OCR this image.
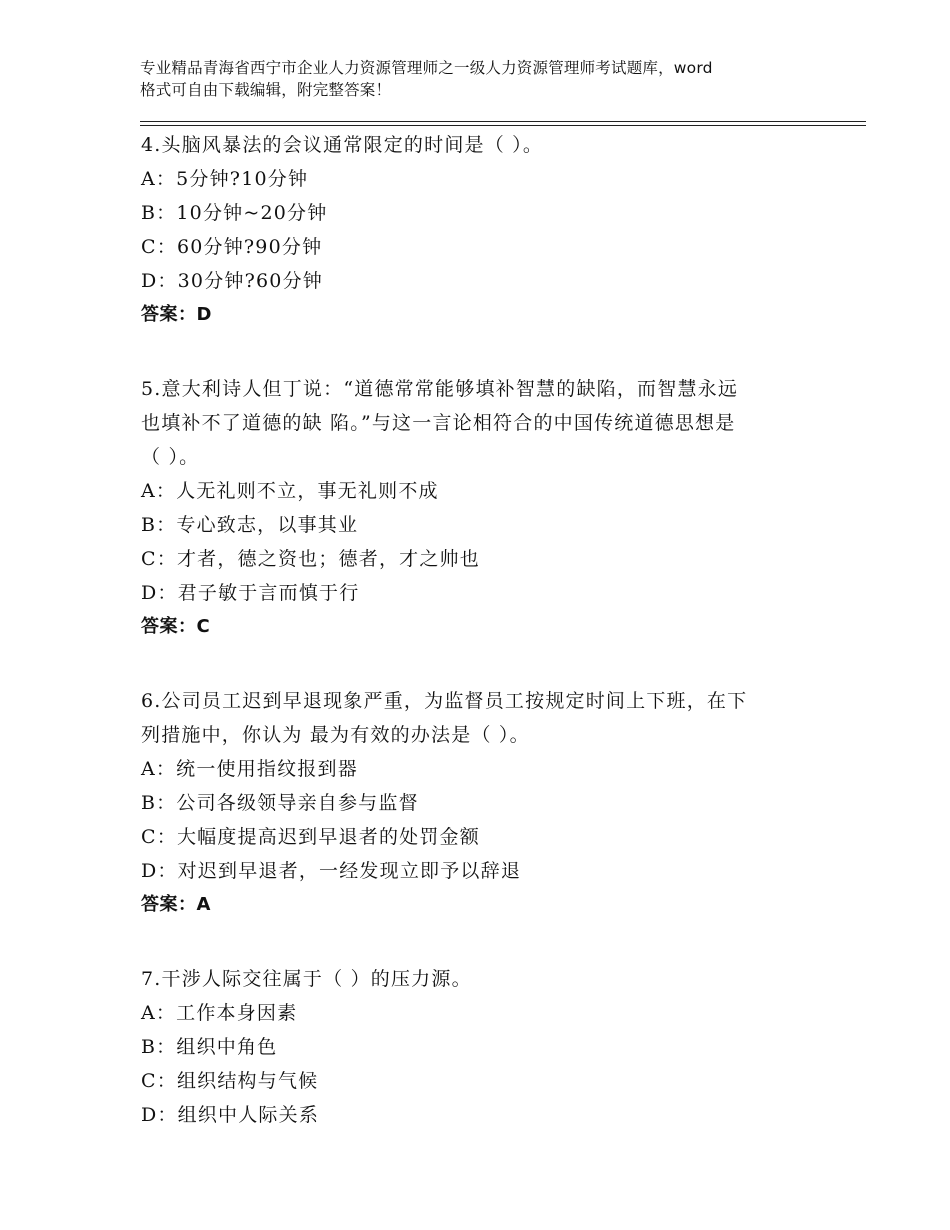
专业精品青海省西宁市企业人力资源管理师之一级人力资源管理师考试题库，word
格式可自由下载编辑，附完整答案！
4.头脑风暴法的会议通常限定的时间是（ ）。
A：5分钟?10分钟
B：10分钟~20分钟
C：60分钟?90分钟
D：30分钟?60分钟
答案：D
5.意大利诗人但丁说：“道德常常能够填补智慧的缺陷，而智慧永远
也填补不了道德的缺 陷。”与这一言论相符合的中国传统道德思想是
（ ）。
A：人无礼则不立，事无礼则不成
B：专心致志，以事其业
C：才者，德之资也；德者，才之帅也
D：君子敏于言而慎于行
答案：C
6.公司员工迟到早退现象严重，为监督员工按规定时间上下班，在下
列措施中，你认为 最为有效的办法是（ ）。
A：统一使用指纹报到器
B：公司各级领导亲自参与监督
C：大幅度提高迟到早退者的处罚金额
D：对迟到早退者，一经发现立即予以辞退
答案：A
7.干涉人际交往属于（ ）的压力源。
A：工作本身因素
B：组织中角色
C：组织结构与气候
D：组织中人际关系
